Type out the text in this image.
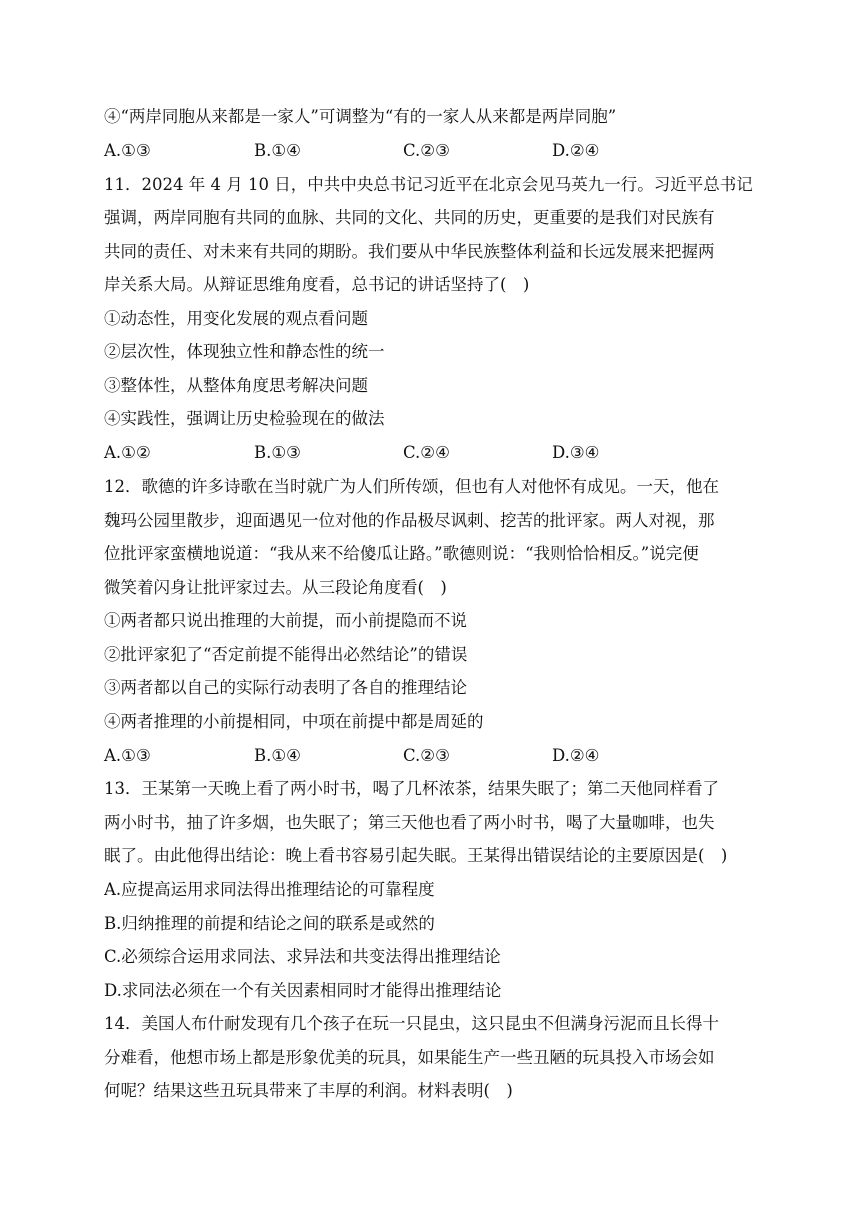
④“两岸同胞从来都是一家人”可调整为“有的一家人从来都是两岸同胞”
A.①③	B.①④	C.②③	D.②④
11．2024 年 4 月 10 日，中共中央总书记习近平在北京会见马英九一行。习近平总书记
强调，两岸同胞有共同的血脉、共同的文化、共同的历史，更重要的是我们对民族有
共同的责任、对未来有共同的期盼。我们要从中华民族整体利益和长远发展来把握两
岸关系大局。从辩证思维角度看，总书记的讲话坚持了(　)
①动态性，用变化发展的观点看问题
②层次性，体现独立性和静态性的统一
③整体性，从整体角度思考解决问题
④实践性，强调让历史检验现在的做法
A.①②	B.①③	C.②④	D.③④
12．歌德的许多诗歌在当时就广为人们所传颂，但也有人对他怀有成见。一天，他在
魏玛公园里散步，迎面遇见一位对他的作品极尽讽刺、挖苦的批评家。两人对视，那
位批评家蛮横地说道：“我从来不给傻瓜让路。”歌德则说：“我则恰恰相反。”说完便
微笑着闪身让批评家过去。从三段论角度看(　)
①两者都只说出推理的大前提，而小前提隐而不说
②批评家犯了“否定前提不能得出必然结论”的错误
③两者都以自己的实际行动表明了各自的推理结论
④两者推理的小前提相同，中项在前提中都是周延的
A.①③	B.①④	C.②③	D.②④
13．王某第一天晚上看了两小时书，喝了几杯浓茶，结果失眠了；第二天他同样看了
两小时书，抽了许多烟，也失眠了；第三天他也看了两小时书，喝了大量咖啡，也失
眠了。由此他得出结论：晚上看书容易引起失眠。王某得出错误结论的主要原因是(　)
A.应提高运用求同法得出推理结论的可靠程度
B.归纳推理的前提和结论之间的联系是或然的
C.必须综合运用求同法、求异法和共变法得出推理结论
D.求同法必须在一个有关因素相同时才能得出推理结论
14．美国人布什耐发现有几个孩子在玩一只昆虫，这只昆虫不但满身污泥而且长得十
分难看，他想市场上都是形象优美的玩具，如果能生产一些丑陋的玩具投入市场会如
何呢？结果这些丑玩具带来了丰厚的利润。材料表明(　)
